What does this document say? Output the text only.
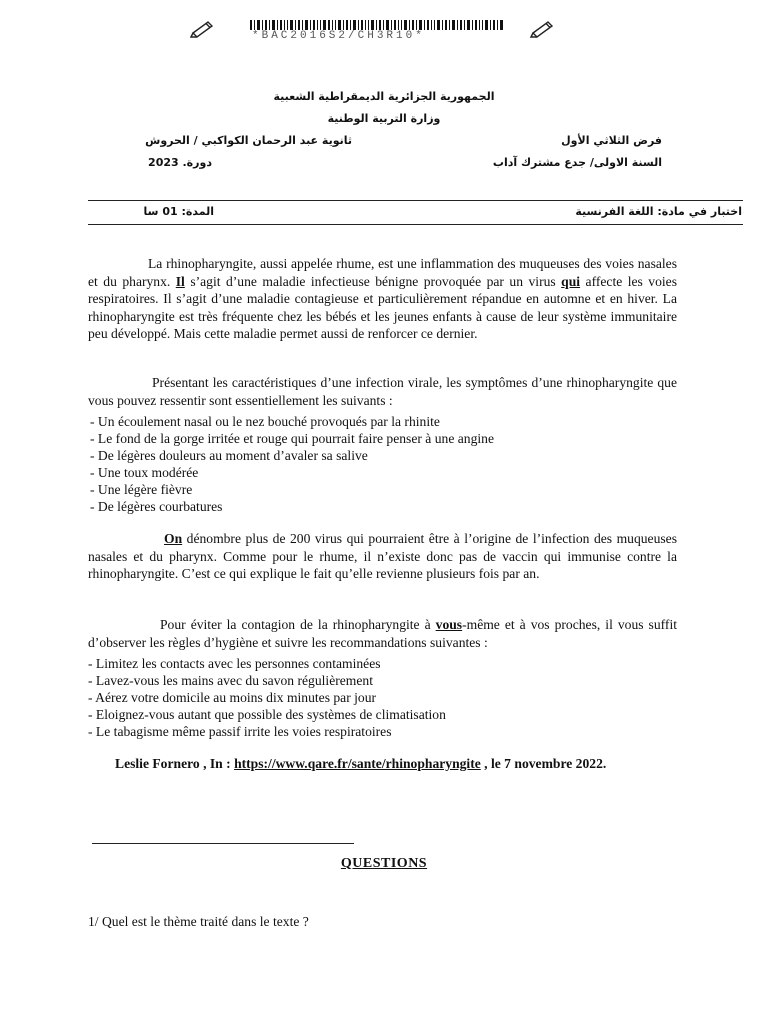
*BAC2016S2/CH3R10*
الجمهورية الجزائرية الديمقراطية الشعبية
وزارة التربية الوطنية
ثانوية عبد الرحمان الكواكبي / الحروش	فرض الثلاثي الأول
دورة. 2023	السنة الاولى/ جدع مشترك آداب
المدة: 01 سا	اختبار في مادة: اللغة الفرنسية
La rhinopharyngite, aussi appelée rhume, est une inflammation des muqueuses des voies nasales et du pharynx. Il s’agit d’une maladie infectieuse bénigne provoquée par un virus qui affecte les voies respiratoires. Il s’agit d’une maladie contagieuse et particulièrement répandue en automne et en hiver. La rhinopharyngite est très fréquente chez les bébés et les jeunes enfants à cause de leur système immunitaire peu développé. Mais cette maladie permet aussi de renforcer ce dernier.
Présentant les caractéristiques d’une infection virale, les symptômes d’une rhinopharyngite que vous pouvez ressentir sont essentiellement les suivants :
- Un écoulement nasal ou le nez bouché provoqués par la rhinite
- Le fond de la gorge irritée et rouge qui pourrait faire penser à une angine
- De légères douleurs au moment d’avaler sa salive
- Une toux modérée
- Une légère fièvre
- De légères courbatures
On dénombre plus de 200 virus qui pourraient être à l’origine de l’infection des muqueuses nasales et du pharynx. Comme pour le rhume, il n’existe donc pas de vaccin qui immunise contre la rhinopharyngite. C’est ce qui explique le fait qu’elle revienne plusieurs fois par an.
Pour éviter la contagion de la rhinopharyngite à vous-même et à vos proches, il vous suffit d’observer les règles d’hygiène et suivre les recommandations suivantes :
- Limitez les contacts avec les personnes contaminées
- Lavez-vous les mains avec du savon régulièrement
- Aérez votre domicile au moins dix minutes par jour
- Eloignez-vous autant que possible des systèmes de climatisation
- Le tabagisme même passif irrite les voies respiratoires
Leslie Fornero , In : https://www.qare.fr/sante/rhinopharyngite , le 7 novembre 2022.
QUESTIONS
1/ Quel est le thème traité dans le texte ?
